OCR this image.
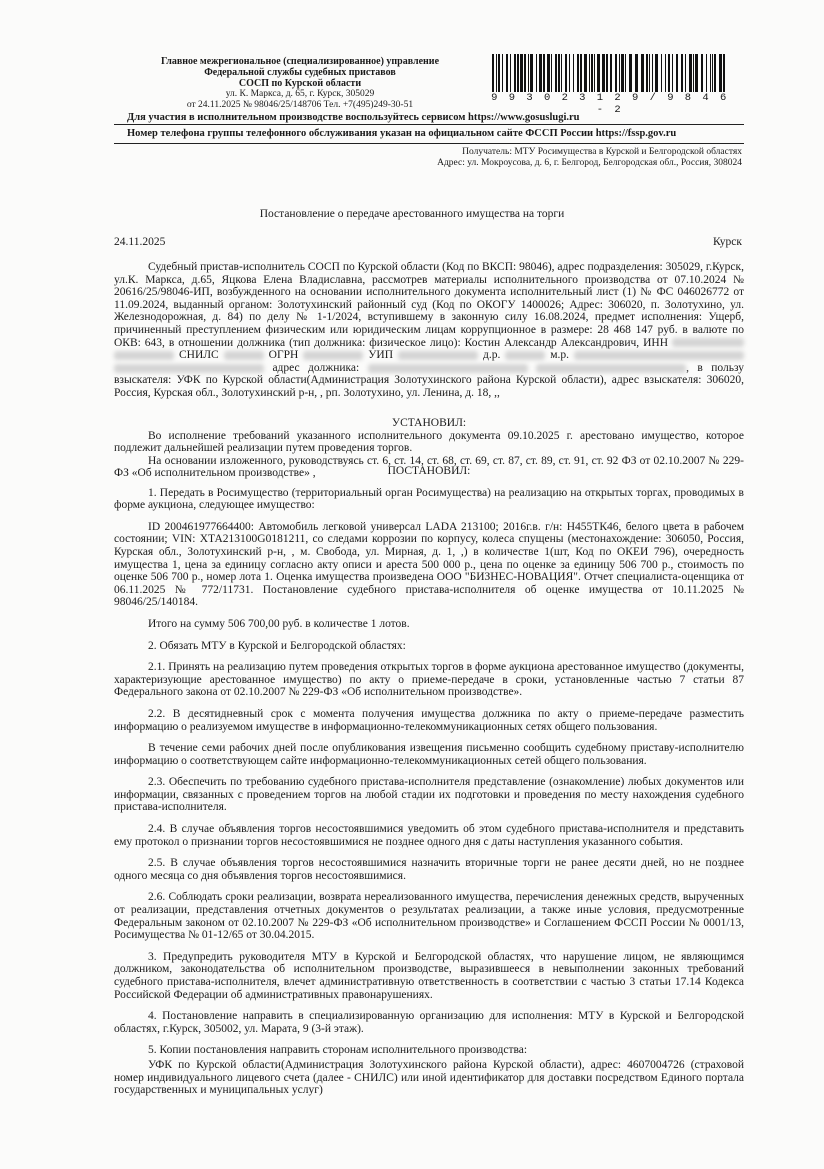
Главное межрегиональное (специализированное) управление
Федеральной службы судебных приставов
СОСП по Курской области
ул. К. Маркса, д. 65, г. Курск, 305029
от 24.11.2025 № 98046/25/148706 Тел. +7(495)249-30-51
9 9 3 0 2 3 1 2 9 / 9 8 4 6 - 2
Для участия в исполнительном производстве воспользуйтесь сервисом https://www.gosuslugi.ru
Номер телефона группы телефонного обслуживания указан на официальном сайте ФССП России https://fssp.gov.ru
Получатель: МТУ Росимущества в Курской и Белгородской областях
Адрес: ул. Мокроусова, д. 6, г. Белгород, Белгородская обл., Россия, 308024
Постановление о передаче арестованного имущества на торги
24.11.2025	Курск

Судебный пристав-исполнитель СОСП по Курской области (Код по ВКСП: 98046), адрес подразделения: 305029, г.Курск, ул.К. Маркса, д.65, Яцкова Елена Владиславна, рассмотрев материалы исполнительного производства от 07.10.2024 № 20616/25/98046-ИП, возбужденного на основании исполнительного документа исполнительный лист (1) № ФС 046026772 от 11.09.2024, выданный органом: Золотухинский районный суд (Код по ОКОГУ 1400026; Адрес: 306020, п. Золотухино, ул. Железнодорожная, д. 84) по делу № 1-1/2024, вступившему в законную силу 16.08.2024, предмет исполнения: Ущерб, причиненный преступлением физическим или юридическим лицам коррупционное в размере: 28 468 147 руб. в валюте по ОКВ: 643, в отношении должника (тип должника: физическое лицо): Костин Александр Александрович, ИНН   СНИЛС	ОГРН	УИП	д.р.	м.р.   адрес должника:	, в пользу взыскателя: УФК по Курской области(Администрация Золотухинского района Курской области), адрес взыскателя: 306020, Россия, Курская обл., Золотухинский р-н, , рп. Золотухино, ул. Ленина, д. 18, ,,

УСТАНОВИЛ:

Во исполнение требований указанного исполнительного документа 09.10.2025 г. арестовано имущество, которое подлежит дальнейшей реализации путем проведения торгов.

На основании изложенного, руководствуясь ст. 6, ст. 14, ст. 68, ст. 69, ст. 87, ст. 89, ст. 91, ст. 92 ФЗ от 02.10.2007 № 229-ФЗ «Об исполнительном производстве» ,	ПОСТАНОВИЛ:

1. Передать в Росимущество (территориальный орган Росимущества) на реализацию на открытых торгах, проводимых в форме аукциона, следующее имущество:

ID 200461977664400: Автомобиль легковой универсал LADA 213100; 2016г.в. г/н: Н455ТК46, белого цвета в рабочем состоянии; VIN: ХТА213100G0181211, со следами коррозии по корпусу, колеса спущены (местонахождение: 306050, Россия, Курская обл., Золотухинский р-н, , м. Свобода, ул. Мирная, д. 1, ,) в количестве 1(шт, Код по ОКЕИ 796), очередность имущества 1, цена за единицу согласно акту описи и ареста 500 000 р., цена по оценке за единицу 506 700 р., стоимость по оценке 506 700 р., номер лота 1. Оценка имущества произведена ООО "БИЗНЕС-НОВАЦИЯ". Отчет специалиста-оценщика от 06.11.2025 № 772/11731. Постановление судебного пристава-исполнителя об оценке имущества от 10.11.2025 № 98046/25/140184.

Итого на сумму 506 700,00 руб. в количестве 1 лотов.

2. Обязать МТУ в Курской и Белгородской областях:

2.1. Принять на реализацию путем проведения открытых торгов в форме аукциона арестованное имущество (документы, характеризующие арестованное имущество) по акту о приеме-передаче в сроки, установленные частью 7 статьи 87 Федерального закона от 02.10.2007 № 229-ФЗ «Об исполнительном производстве».

2.2. В десятидневный срок с момента получения имущества должника по акту о приеме-передаче разместить информацию о реализуемом имуществе в информационно-телекоммуникационных сетях общего пользования.

В течение семи рабочих дней после опубликования извещения письменно сообщить судебному приставу-исполнителю информацию о соответствующем сайте информационно-телекоммуникационных сетей общего пользования.

2.3. Обеспечить по требованию судебного пристава-исполнителя представление (ознакомление) любых документов или информации, связанных с проведением торгов на любой стадии их подготовки и проведения по месту нахождения судебного пристава-исполнителя.

2.4. В случае объявления торгов несостоявшимися уведомить об этом судебного пристава-исполнителя и представить ему протокол о признании торгов несостоявшимися не позднее одного дня с даты наступления указанного события.

2.5. В случае объявления торгов несостоявшимися назначить вторичные торги не ранее десяти дней, но не позднее одного месяца со дня объявления торгов несостоявшимися.

2.6. Соблюдать сроки реализации, возврата нереализованного имущества, перечисления денежных средств, вырученных от реализации, представления отчетных документов о результатах реализации, а также иные условия, предусмотренные Федеральным законом от 02.10.2007 № 229-ФЗ «Об исполнительном производстве» и Соглашением ФССП России № 0001/13, Росимущества № 01-12/65 от 30.04.2015.

3. Предупредить руководителя МТУ в Курской и Белгородской областях, что нарушение лицом, не являющимся должником, законодательства об исполнительном производстве, выразившееся в невыполнении законных требований судебного пристава-исполнителя, влечет административную ответственность в соответствии с частью 3 статьи 17.14 Кодекса Российской Федерации об административных правонарушениях.

4. Постановление направить в специализированную организацию для исполнения: МТУ в Курской и Белгородской областях, г.Курск, 305002, ул. Марата, 9 (3-й этаж).

5. Копии постановления направить сторонам исполнительного производства:

УФК по Курской области(Администрация Золотухинского района Курской области), адрес: 4607004726 (страховой номер индивидуального лицевого счета (далее - СНИЛС) или иной идентификатор для доставки посредством Единого портала государственных и муниципальных услуг)
